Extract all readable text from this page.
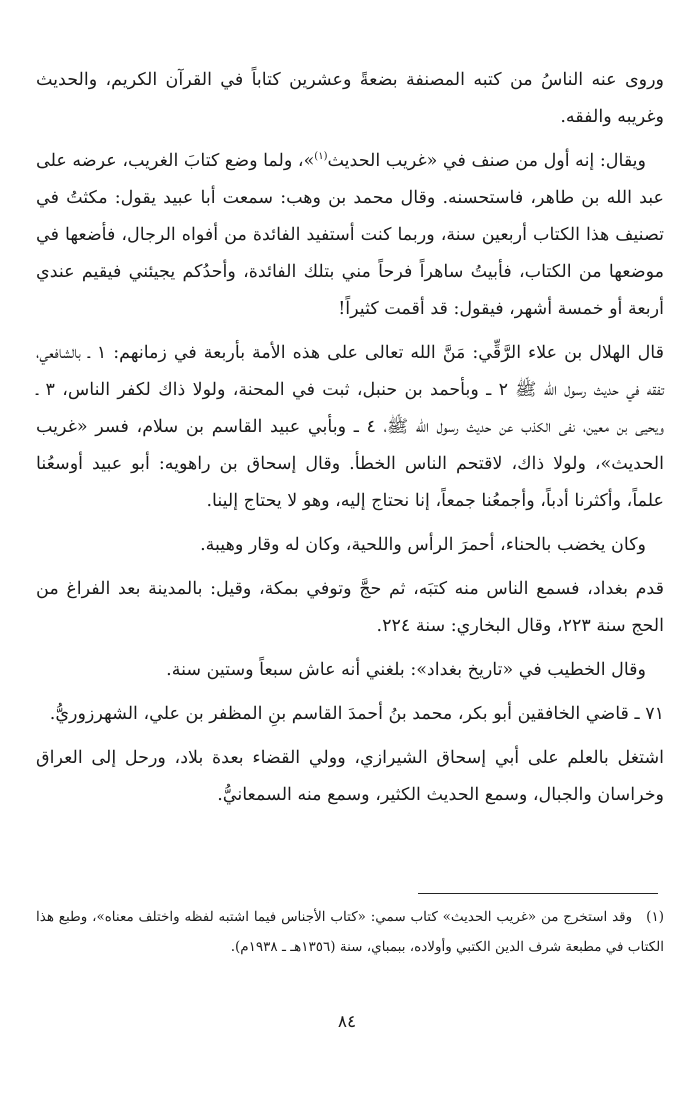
وروى عنه الناسُ من كتبه المصنفة بضعةً وعشرين كتاباً في القرآن الكريم، والحديث وغريبه والفقه.

ويقال: إنه أول من صنف في «غريب الحديث$^{(١)}$»، ولما وضع كتابَ الغريب، عرضه على عبد الله بن طاهر، فاستحسنه. وقال محمد بن وهب: سمعت أبا عبيد يقول: مكثتُ في تصنيف هذا الكتاب أربعين سنة، وربما كنت أستفيد الفائدة من أفواه الرجال، فأضعها في موضعها من الكتاب، فأبيتُ ساهراً فرحاً مني بتلك الفائدة، وأحدُكم يجيئني فيقيم عندي أربعة أو خمسة أشهر، فيقول: قد أقمت كثيراً!

قال الهلال بن علاء الرَّقِّي: مَنَّ الله تعالى على هذه الأمة بأربعة في زمانهم: ١ ـ بالشافعي، تفقه في حديث رسول الله ﷺ ٢ ـ وبأحمد بن حنبل، ثبت في المحنة، ولولا ذاك لكفر الناس، ٣ ـ ويحيى بن معين، نفى الكذب عن حديث رسول الله ﷺ، ٤ ـ وبأبي عبيد القاسم بن سلام، فسر «غريب الحديث»، ولولا ذاك، لاقتحم الناس الخطأ. وقال إسحاق بن راهويه: أبو عبيد أوسعُنا علماً، وأكثرنا أدباً، وأجمعُنا جمعاً، إنا نحتاج إليه، وهو لا يحتاج إلينا.

وكان يخضب بالحناء، أحمرَ الرأس واللحية، وكان له وقار وهيبة.

قدم بغداد، فسمع الناس منه كتبَه، ثم حجَّ وتوفي بمكة، وقيل: بالمدينة بعد الفراغ من الحج سنة ٢٢٣، وقال البخاري: سنة ٢٢٤.

وقال الخطيب في «تاريخ بغداد»: بلغني أنه عاش سبعاً وستين سنة.

٧١ ـ قاضي الخافقين أبو بكر، محمد بنُ أحمدَ القاسم بنِ المظفر بن علي، الشهرزوريُّ.

اشتغل بالعلم على أبي إسحاق الشيرازي، وولي القضاء بعدة بلاد، ورحل إلى العراق وخراسان والجبال، وسمع الحديث الكثير، وسمع منه السمعانيُّ.

(١)وقد استخرج من «غريب الحديث» كتاب سمي: «كتاب الأجناس فيما اشتبه لفظه واختلف معناه»، وطبع هذا الكتاب في مطبعة شرف الدين الكتبي وأولاده، ببمباي، سنة (١٣٥٦هـ ـ ١٩٣٨م).
٨٤
